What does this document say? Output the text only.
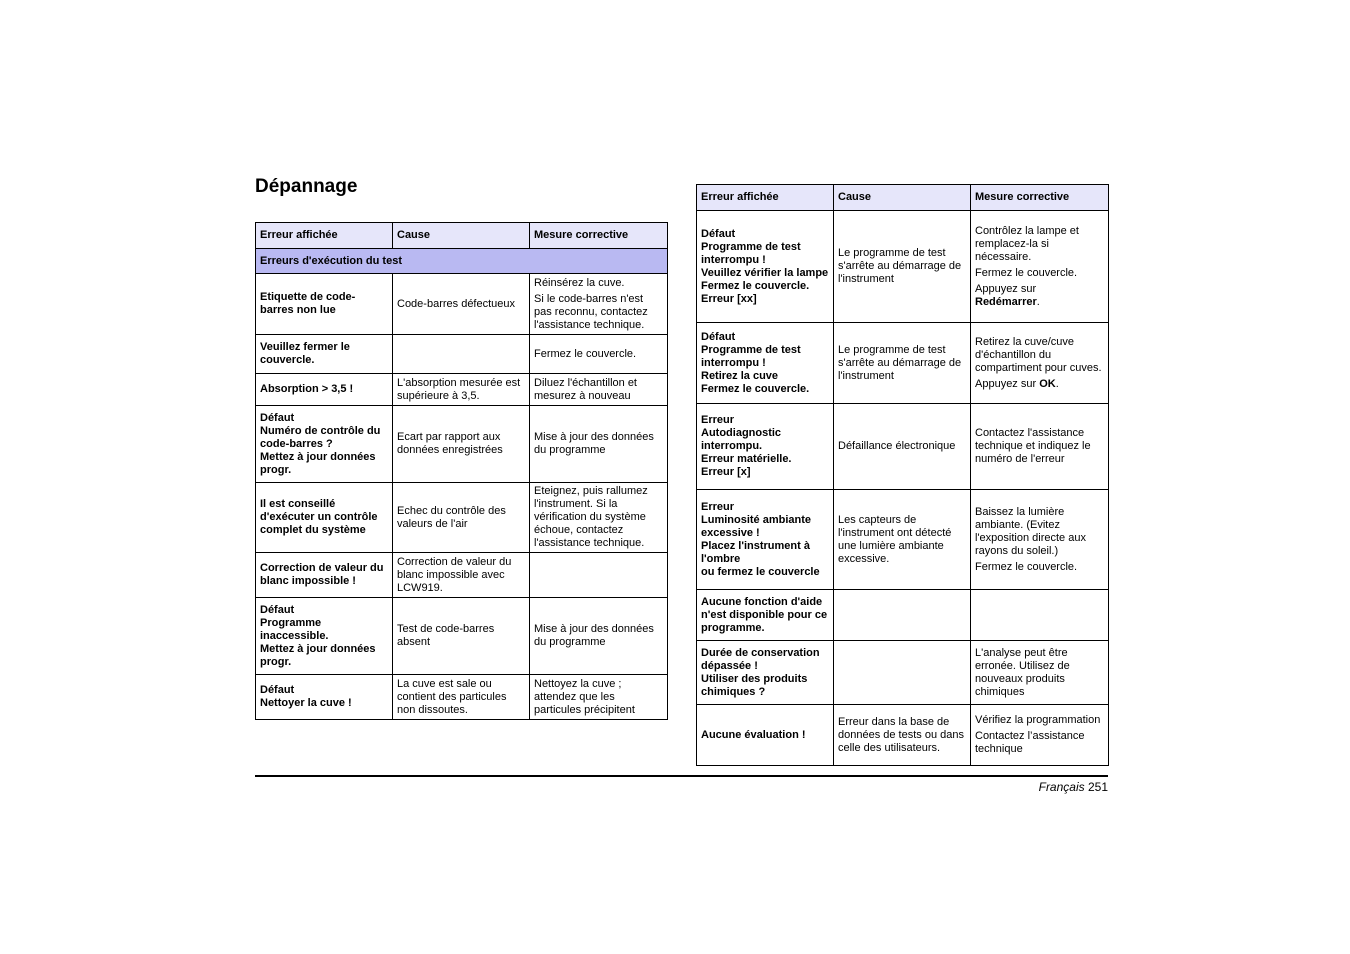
Dépannage
Erreur affichée	Cause	Mesure corrective
Erreurs d'exécution du test		

Etiquette de code-barres non lue	Code-barres défectueux	Réinsérez la cuve.
Si le code-barres n'est pas reconnu, contactez l'assistance technique.

Veuillez fermer le couvercle.		Fermez le couvercle.

Absorption > 3,5 !	L'absorption mesurée est supérieure à 3,5.	Diluez l'échantillon et mesurez à nouveau

Défaut
Numéro de contrôle du code-barres ?
Mettez à jour données progr.	Ecart par rapport aux données enregistrées	Mise à jour des données du programme

Il est conseillé d'exécuter un contrôle complet du système	Echec du contrôle des valeurs de l'air	Eteignez, puis rallumez l'instrument. Si la vérification du système échoue, contactez l'assistance technique.

Correction de valeur du blanc impossible !	Correction de valeur du blanc impossible avec LCW919.	

Défaut
Programme inaccessible.
Mettez à jour données progr.	Test de code-barres absent	Mise à jour des données du programme

Défaut
Nettoyer la cuve !	La cuve est sale ou contient des particules non dissoutes.	Nettoyez la cuve ; attendez que les particules précipitent
Erreur affichée	Cause	Mesure corrective

Défaut
Programme de test interrompu !
Veuillez vérifier la lampe
Fermez le couvercle.
Erreur [xx]	Le programme de test s'arrête au démarrage de l'instrument	Contrôlez la lampe et remplacez-la si nécessaire.
Fermez le couvercle.
Appuyez sur Redémarrer.

Défaut
Programme de test interrompu !
Retirez la cuve
Fermez le couvercle.	Le programme de test s'arrête au démarrage de l'instrument	Retirez la cuve/cuve d'échantillon du compartiment pour cuves.
Appuyez sur OK.

Erreur
Autodiagnostic interrompu.
Erreur matérielle.
Erreur [x]	Défaillance électronique	Contactez l'assistance technique et indiquez le numéro de l'erreur

Erreur
Luminosité ambiante excessive !
Placez l'instrument à l'ombre
ou fermez le couvercle	Les capteurs de l'instrument ont détecté une lumière ambiante excessive.	Baissez la lumière ambiante. (Evitez l'exposition directe aux rayons du soleil.)
Fermez le couvercle.

Aucune fonction d'aide n'est disponible pour ce programme.		

Durée de conservation dépassée !
Utiliser des produits chimiques ?		L'analyse peut être erronée. Utilisez de nouveaux produits chimiques

Aucune évaluation !	Erreur dans la base de données de tests ou dans celle des utilisateurs.	Vérifiez la programmation
Contactez l’assistance technique
Français 251
